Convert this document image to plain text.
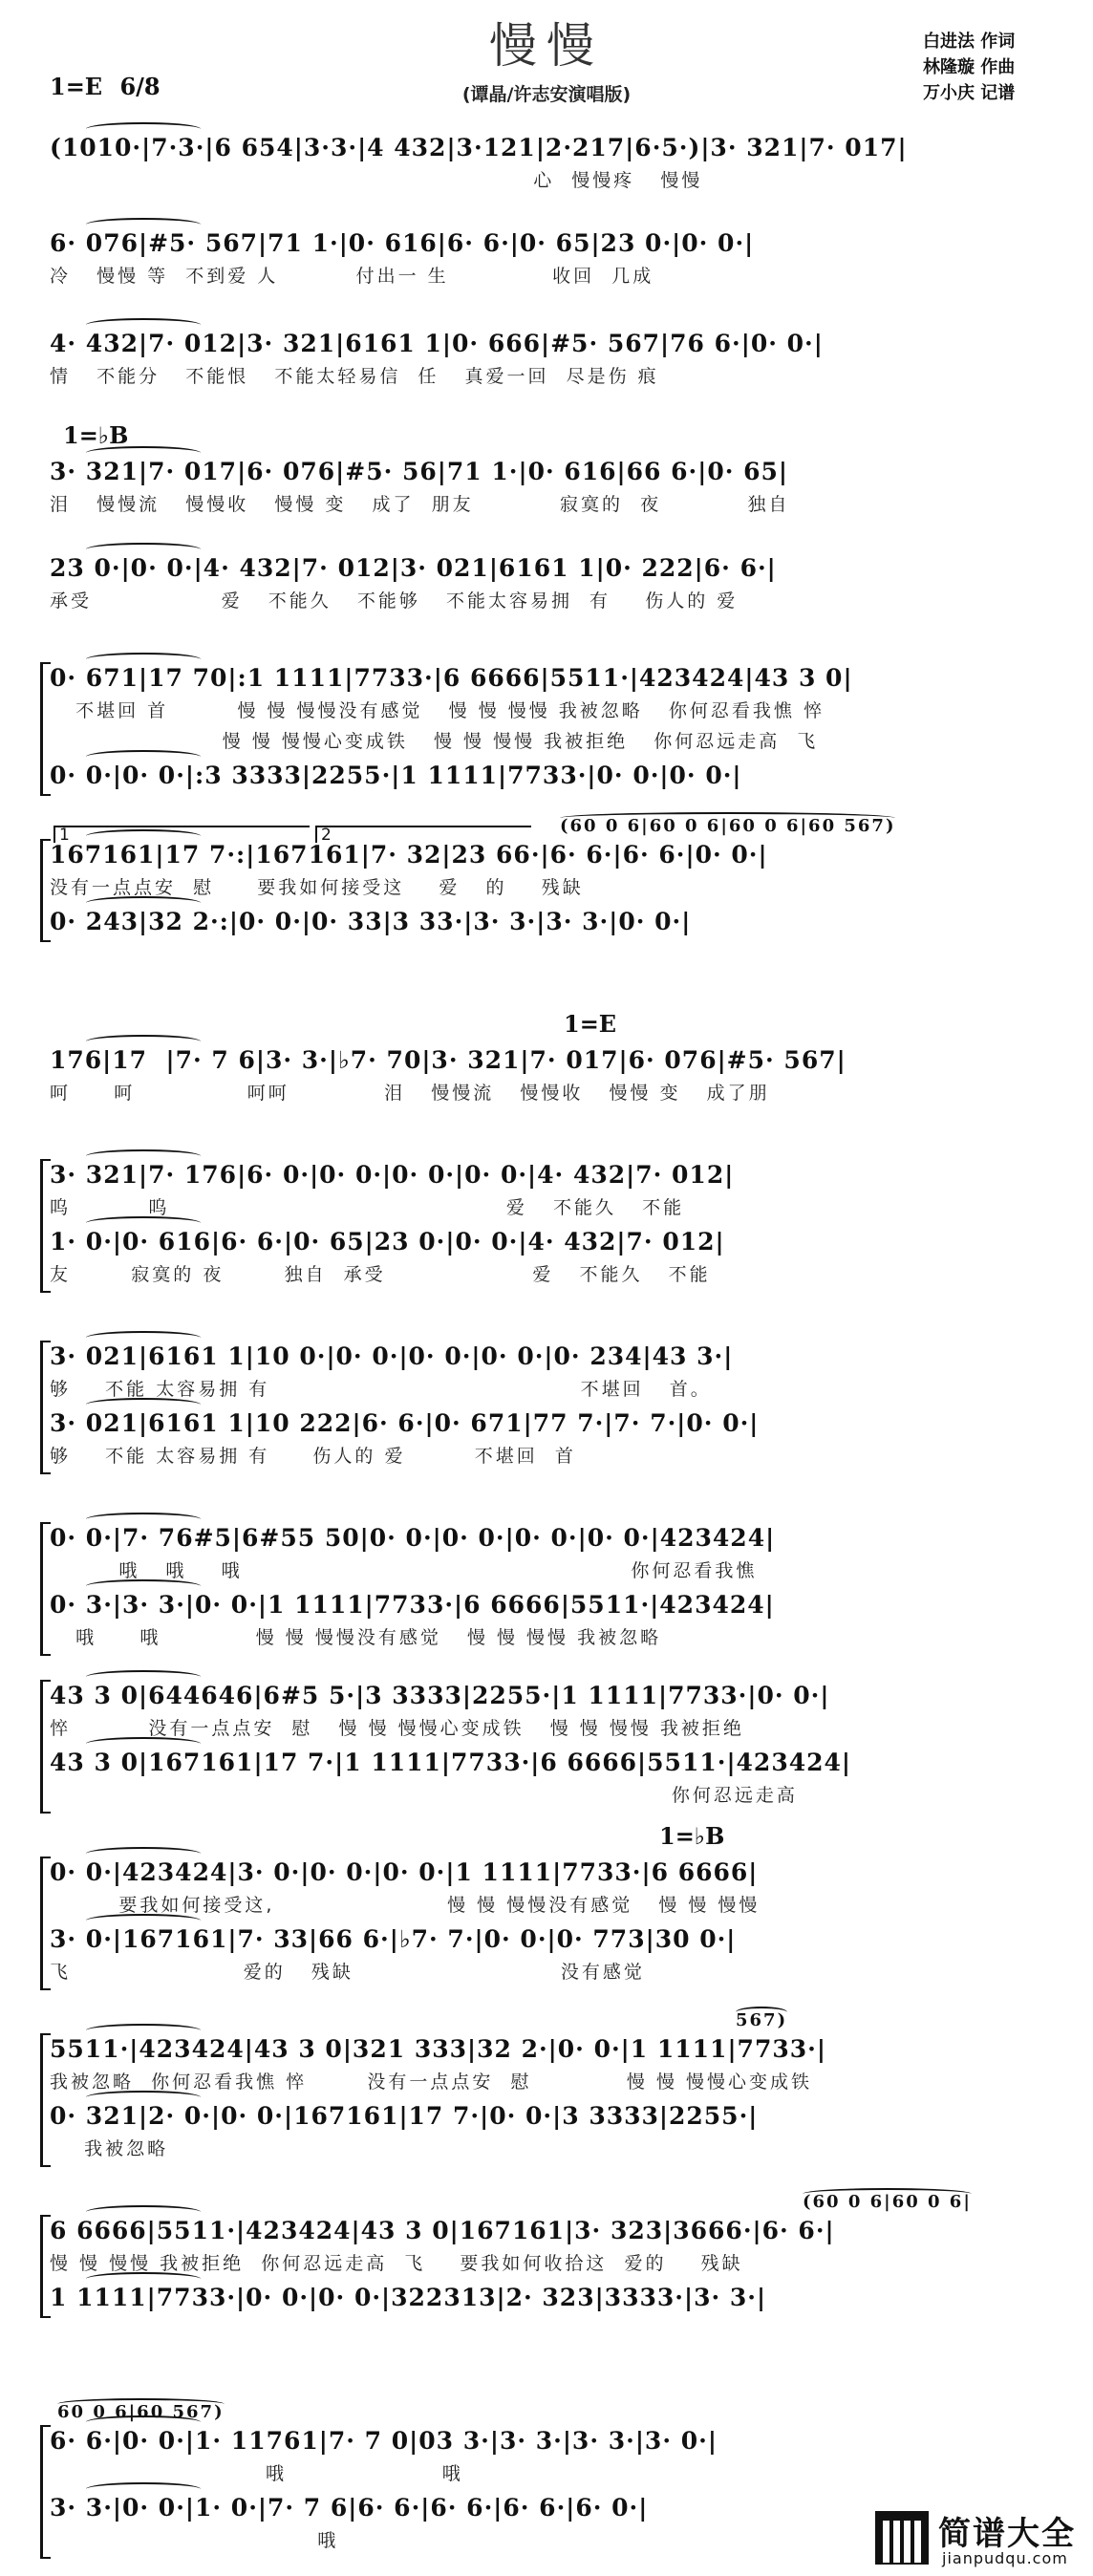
慢慢
(谭晶/许志安演唱版)
1=E 6/8
白进法 作词
林隆璇 作曲
万小庆 记谱
(1010·|7·3·|6 654|3·3·|4 432|3·121|2·217|6·5·)|3· 321|7· 017|
心  慢慢疼   慢慢
6· 076|#5· 567|71 1·|0· 616|6· 6·|0· 65|23 0·|0· 0·|
冷   慢慢 等  不到爱 人         付出一 生            收回  几成
4· 432|7· 012|3· 321|6161 1|0· 666|#5· 567|76 6·|0· 0·|
情   不能分   不能恨   不能太轻易信  任   真爱一回  尽是伤 痕
1=♭B
3· 321|7· 017|6· 076|#5· 56|71 1·|0· 616|66 6·|0· 65|
泪   慢慢流   慢慢收   慢慢 变   成了  朋友          寂寞的  夜          独自
23 0·|0· 0·|4· 432|7· 012|3· 021|6161 1|0· 222|6· 6·|
承受               爱   不能久   不能够   不能太容易拥  有    伤人的 爱
0· 671|17 70|:1 1111|7733·|6 6666|5511·|423424|43 3 0|
不堪回 首        慢 慢 慢慢没有感觉   慢 慢 慢慢 我被忽略   你何忍看我憔 悴
慢 慢 慢慢心变成铁   慢 慢 慢慢 我被拒绝   你何忍远走高  飞
0· 0·|0· 0·|:3 3333|2255·|1 1111|7733·|0· 0·|0· 0·|
(60 0 6|60 0 6|60 0 6|60 567)
1	2
167161|17 7·:|167161|7· 32|23 66·|6· 6·|6· 6·|0· 0·|
没有一点点安  慰     要我如何接受这    爱   的    残缺
0· 243|32 2·:|0· 0·|0· 33|3 33·|3· 3·|3· 3·|0· 0·|
1=E
176|17  |7· 7 6|3· 3·|♭7· 70|3· 321|7· 017|6· 076|#5· 567|
呵     呵             呵呵           泪   慢慢流   慢慢收   慢慢 变   成了朋
3· 321|7· 176|6· 0·|0· 0·|0· 0·|0· 0·|4· 432|7· 012|
呜         呜                                       爱   不能久   不能
1· 0·|0· 616|6· 6·|0· 65|23 0·|0· 0·|4· 432|7· 012|
友       寂寞的 夜       独自  承受                 爱   不能久   不能
3· 021|6161 1|10 0·|0· 0·|0· 0·|0· 0·|0· 234|43 3·|
够    不能 太容易拥 有                                    不堪回   首。
3· 021|6161 1|10 222|6· 6·|0· 671|77 7·|7· 7·|0· 0·|
够    不能 太容易拥 有     伤人的 爱        不堪回  首
0· 0·|7· 76#5|6#55 50|0· 0·|0· 0·|0· 0·|0· 0·|423424|
哦   哦    哦                                             你何忍看我憔
0· 3·|3· 3·|0· 0·|1 1111|7733·|6 6666|5511·|423424|
哦     哦           慢 慢 慢慢没有感觉   慢 慢 慢慢 我被忽略
43 3 0|644646|6#5 5·|3 3333|2255·|1 1111|7733·|0· 0·|
悴         没有一点点安  慰   慢 慢 慢慢心变成铁   慢 慢 慢慢 我被拒绝
43 3 0|167161|17 7·|1 1111|7733·|6 6666|5511·|423424|
你何忍远走高
1=♭B
0· 0·|423424|3· 0·|0· 0·|0· 0·|1 1111|7733·|6 6666|
要我如何接受这,                    慢 慢 慢慢没有感觉   慢 慢 慢慢
3· 0·|167161|7· 33|66 6·|♭7· 7·|0· 0·|0· 773|30 0·|
飞                    爱的   残缺                        没有感觉
567)
5511·|423424|43 3 0|321 333|32 2·|0· 0·|1 1111|7733·|
我被忽略  你何忍看我憔 悴       没有一点点安  慰           慢 慢 慢慢心变成铁
0· 321|2· 0·|0· 0·|167161|17 7·|0· 0·|3 3333|2255·|
我被忽略
(60 0 6|60 0 6|
6 6666|5511·|423424|43 3 0|167161|3· 323|3666·|6· 6·|
慢 慢 慢慢 我被拒绝  你何忍远走高  飞    要我如何收拾这  爱的    残缺
1 1111|7733·|0· 0·|0· 0·|322313|2· 323|3333·|3· 3·|
60 0 6|60 567)
6· 6·|0· 0·|1· 11761|7· 7 0|03 3·|3· 3·|3· 3·|3· 0·|
哦                  哦
3· 3·|0· 0·|1· 0·|7· 7 6|6· 6·|6· 6·|6· 6·|6· 0·|
哦	简谱大全
jianpudqu.com
